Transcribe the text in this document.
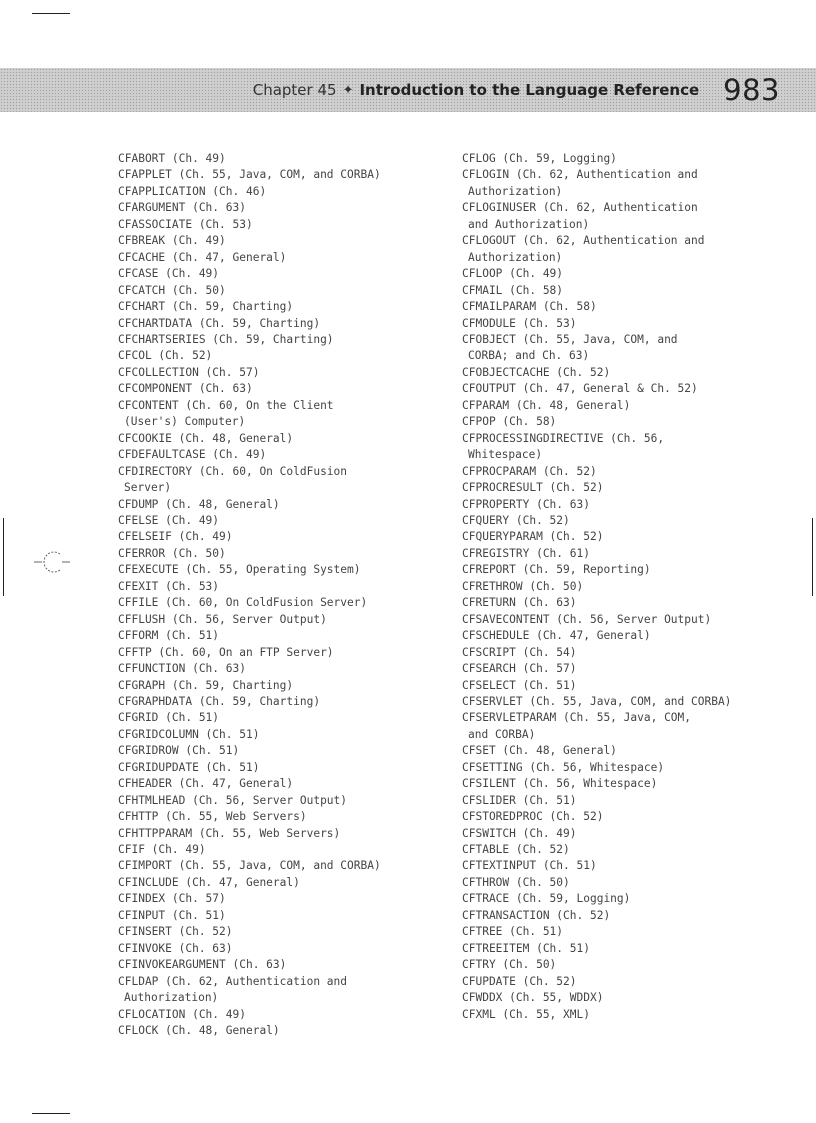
Chapter 45 ✦ Introduction to the Language Reference 983
CFABORT (Ch. 49)
CFAPPLET (Ch. 55, Java, COM, and CORBA)
CFAPPLICATION (Ch. 46)
CFARGUMENT (Ch. 63)
CFASSOCIATE (Ch. 53)
CFBREAK (Ch. 49)
CFCACHE (Ch. 47, General)
CFCASE (Ch. 49)
CFCATCH (Ch. 50)
CFCHART (Ch. 59, Charting)
CFCHARTDATA (Ch. 59, Charting)
CFCHARTSERIES (Ch. 59, Charting)
CFCOL (Ch. 52)
CFCOLLECTION (Ch. 57)
CFCOMPONENT (Ch. 63)
CFCONTENT (Ch. 60, On the Client
(User's) Computer)
CFCOOKIE (Ch. 48, General)
CFDEFAULTCASE (Ch. 49)
CFDIRECTORY (Ch. 60, On ColdFusion
Server)
CFDUMP (Ch. 48, General)
CFELSE (Ch. 49)
CFELSEIF (Ch. 49)
CFERROR (Ch. 50)
CFEXECUTE (Ch. 55, Operating System)
CFEXIT (Ch. 53)
CFFILE (Ch. 60, On ColdFusion Server)
CFFLUSH (Ch. 56, Server Output)
CFFORM (Ch. 51)
CFFTP (Ch. 60, On an FTP Server)
CFFUNCTION (Ch. 63)
CFGRAPH (Ch. 59, Charting)
CFGRAPHDATA (Ch. 59, Charting)
CFGRID (Ch. 51)
CFGRIDCOLUMN (Ch. 51)
CFGRIDROW (Ch. 51)
CFGRIDUPDATE (Ch. 51)
CFHEADER (Ch. 47, General)
CFHTMLHEAD (Ch. 56, Server Output)
CFHTTP (Ch. 55, Web Servers)
CFHTTPPARAM (Ch. 55, Web Servers)
CFIF (Ch. 49)
CFIMPORT (Ch. 55, Java, COM, and CORBA)
CFINCLUDE (Ch. 47, General)
CFINDEX (Ch. 57)
CFINPUT (Ch. 51)
CFINSERT (Ch. 52)
CFINVOKE (Ch. 63)
CFINVOKEARGUMENT (Ch. 63)
CFLDAP (Ch. 62, Authentication and
Authorization)
CFLOCATION (Ch. 49)
CFLOCK (Ch. 48, General)
CFLOG (Ch. 59, Logging)
CFLOGIN (Ch. 62, Authentication and
Authorization)
CFLOGINUSER (Ch. 62, Authentication
and Authorization)
CFLOGOUT (Ch. 62, Authentication and
Authorization)
CFLOOP (Ch. 49)
CFMAIL (Ch. 58)
CFMAILPARAM (Ch. 58)
CFMODULE (Ch. 53)
CFOBJECT (Ch. 55, Java, COM, and
CORBA; and Ch. 63)
CFOBJECTCACHE (Ch. 52)
CFOUTPUT (Ch. 47, General & Ch. 52)
CFPARAM (Ch. 48, General)
CFPOP (Ch. 58)
CFPROCESSINGDIRECTIVE (Ch. 56,
Whitespace)
CFPROCPARAM (Ch. 52)
CFPROCRESULT (Ch. 52)
CFPROPERTY (Ch. 63)
CFQUERY (Ch. 52)
CFQUERYPARAM (Ch. 52)
CFREGISTRY (Ch. 61)
CFREPORT (Ch. 59, Reporting)
CFRETHROW (Ch. 50)
CFRETURN (Ch. 63)
CFSAVECONTENT (Ch. 56, Server Output)
CFSCHEDULE (Ch. 47, General)
CFSCRIPT (Ch. 54)
CFSEARCH (Ch. 57)
CFSELECT (Ch. 51)
CFSERVLET (Ch. 55, Java, COM, and CORBA)
CFSERVLETPARAM (Ch. 55, Java, COM,
and CORBA)
CFSET (Ch. 48, General)
CFSETTING (Ch. 56, Whitespace)
CFSILENT (Ch. 56, Whitespace)
CFSLIDER (Ch. 51)
CFSTOREDPROC (Ch. 52)
CFSWITCH (Ch. 49)
CFTABLE (Ch. 52)
CFTEXTINPUT (Ch. 51)
CFTHROW (Ch. 50)
CFTRACE (Ch. 59, Logging)
CFTRANSACTION (Ch. 52)
CFTREE (Ch. 51)
CFTREEITEM (Ch. 51)
CFTRY (Ch. 50)
CFUPDATE (Ch. 52)
CFWDDX (Ch. 55, WDDX)
CFXML (Ch. 55, XML)
